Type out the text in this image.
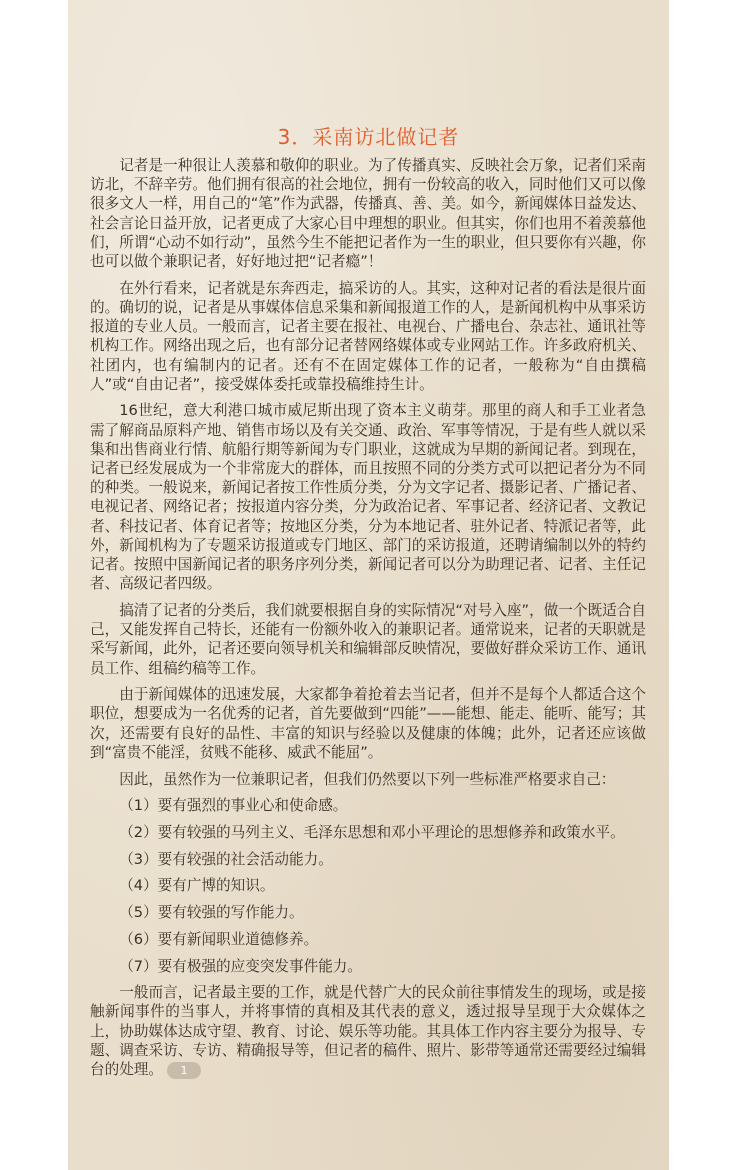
3．采南访北做记者

记者是一种很让人羡慕和敬仰的职业。为了传播真实、反映社会万象，记者们采南访北，不辞辛劳。他们拥有很高的社会地位，拥有一份较高的收入，同时他们又可以像很多文人一样，用自己的“笔”作为武器，传播真、善、美。如今，新闻媒体日益发达、社会言论日益开放，记者更成了大家心目中理想的职业。但其实，你们也用不着羡慕他们，所谓“心动不如行动”，虽然今生不能把记者作为一生的职业，但只要你有兴趣，你也可以做个兼职记者，好好地过把“记者瘾”！

在外行看来，记者就是东奔西走，搞采访的人。其实，这种对记者的看法是很片面的。确切的说，记者是从事媒体信息采集和新闻报道工作的人，是新闻机构中从事采访报道的专业人员。一般而言，记者主要在报社、电视台、广播电台、杂志社、通讯社等机构工作。网络出现之后，也有部分记者替网络媒体或专业网站工作。许多政府机关、社团内，也有编制内的记者。还有不在固定媒体工作的记者，一般称为“自由撰稿人”或“自由记者”，接受媒体委托或靠投稿维持生计。

16世纪，意大利港口城市威尼斯出现了资本主义萌芽。那里的商人和手工业者急需了解商品原料产地、销售市场以及有关交通、政治、军事等情况，于是有些人就以采集和出售商业行情、航船行期等新闻为专门职业，这就成为早期的新闻记者。到现在，记者已经发展成为一个非常庞大的群体，而且按照不同的分类方式可以把记者分为不同的种类。一般说来，新闻记者按工作性质分类，分为文字记者、摄影记者、广播记者、电视记者、网络记者；按报道内容分类，分为政治记者、军事记者、经济记者、文教记者、科技记者、体育记者等；按地区分类，分为本地记者、驻外记者、特派记者等，此外，新闻机构为了专题采访报道或专门地区、部门的采访报道，还聘请编制以外的特约记者。按照中国新闻记者的职务序列分类，新闻记者可以分为助理记者、记者、主任记者、高级记者四级。

搞清了记者的分类后，我们就要根据自身的实际情况“对号入座”，做一个既适合自己，又能发挥自己特长，还能有一份额外收入的兼职记者。通常说来，记者的天职就是采写新闻，此外，记者还要向领导机关和编辑部反映情况，要做好群众采访工作、通讯员工作、组稿约稿等工作。

由于新闻媒体的迅速发展，大家都争着抢着去当记者，但并不是每个人都适合这个职位，想要成为一名优秀的记者，首先要做到“四能”——能想、能走、能听、能写；其次，还需要有良好的品性、丰富的知识与经验以及健康的体魄；此外，记者还应该做到“富贵不能淫，贫贱不能移、威武不能屈”。

因此，虽然作为一位兼职记者，但我们仍然要以下列一些标准严格要求自己：

（1）要有强烈的事业心和使命感。
（2）要有较强的马列主义、毛泽东思想和邓小平理论的思想修养和政策水平。
（3）要有较强的社会活动能力。
（4）要有广博的知识。
（5）要有较强的写作能力。
（6）要有新闻职业道德修养。
（7）要有极强的应变突发事件能力。
一般而言，记者最主要的工作，就是代替广大的民众前往事情发生的现场，或是接触新闻事件的当事人，并将事情的真相及其代表的意义，透过报导呈现于大众媒体之上，协助媒体达成守望、教育、讨论、娱乐等功能。其具体工作内容主要分为报导、专题、调查采访、专访、精确报导等，但记者的稿件、照片、影带等通常还需要经过编辑台的处理。 1
